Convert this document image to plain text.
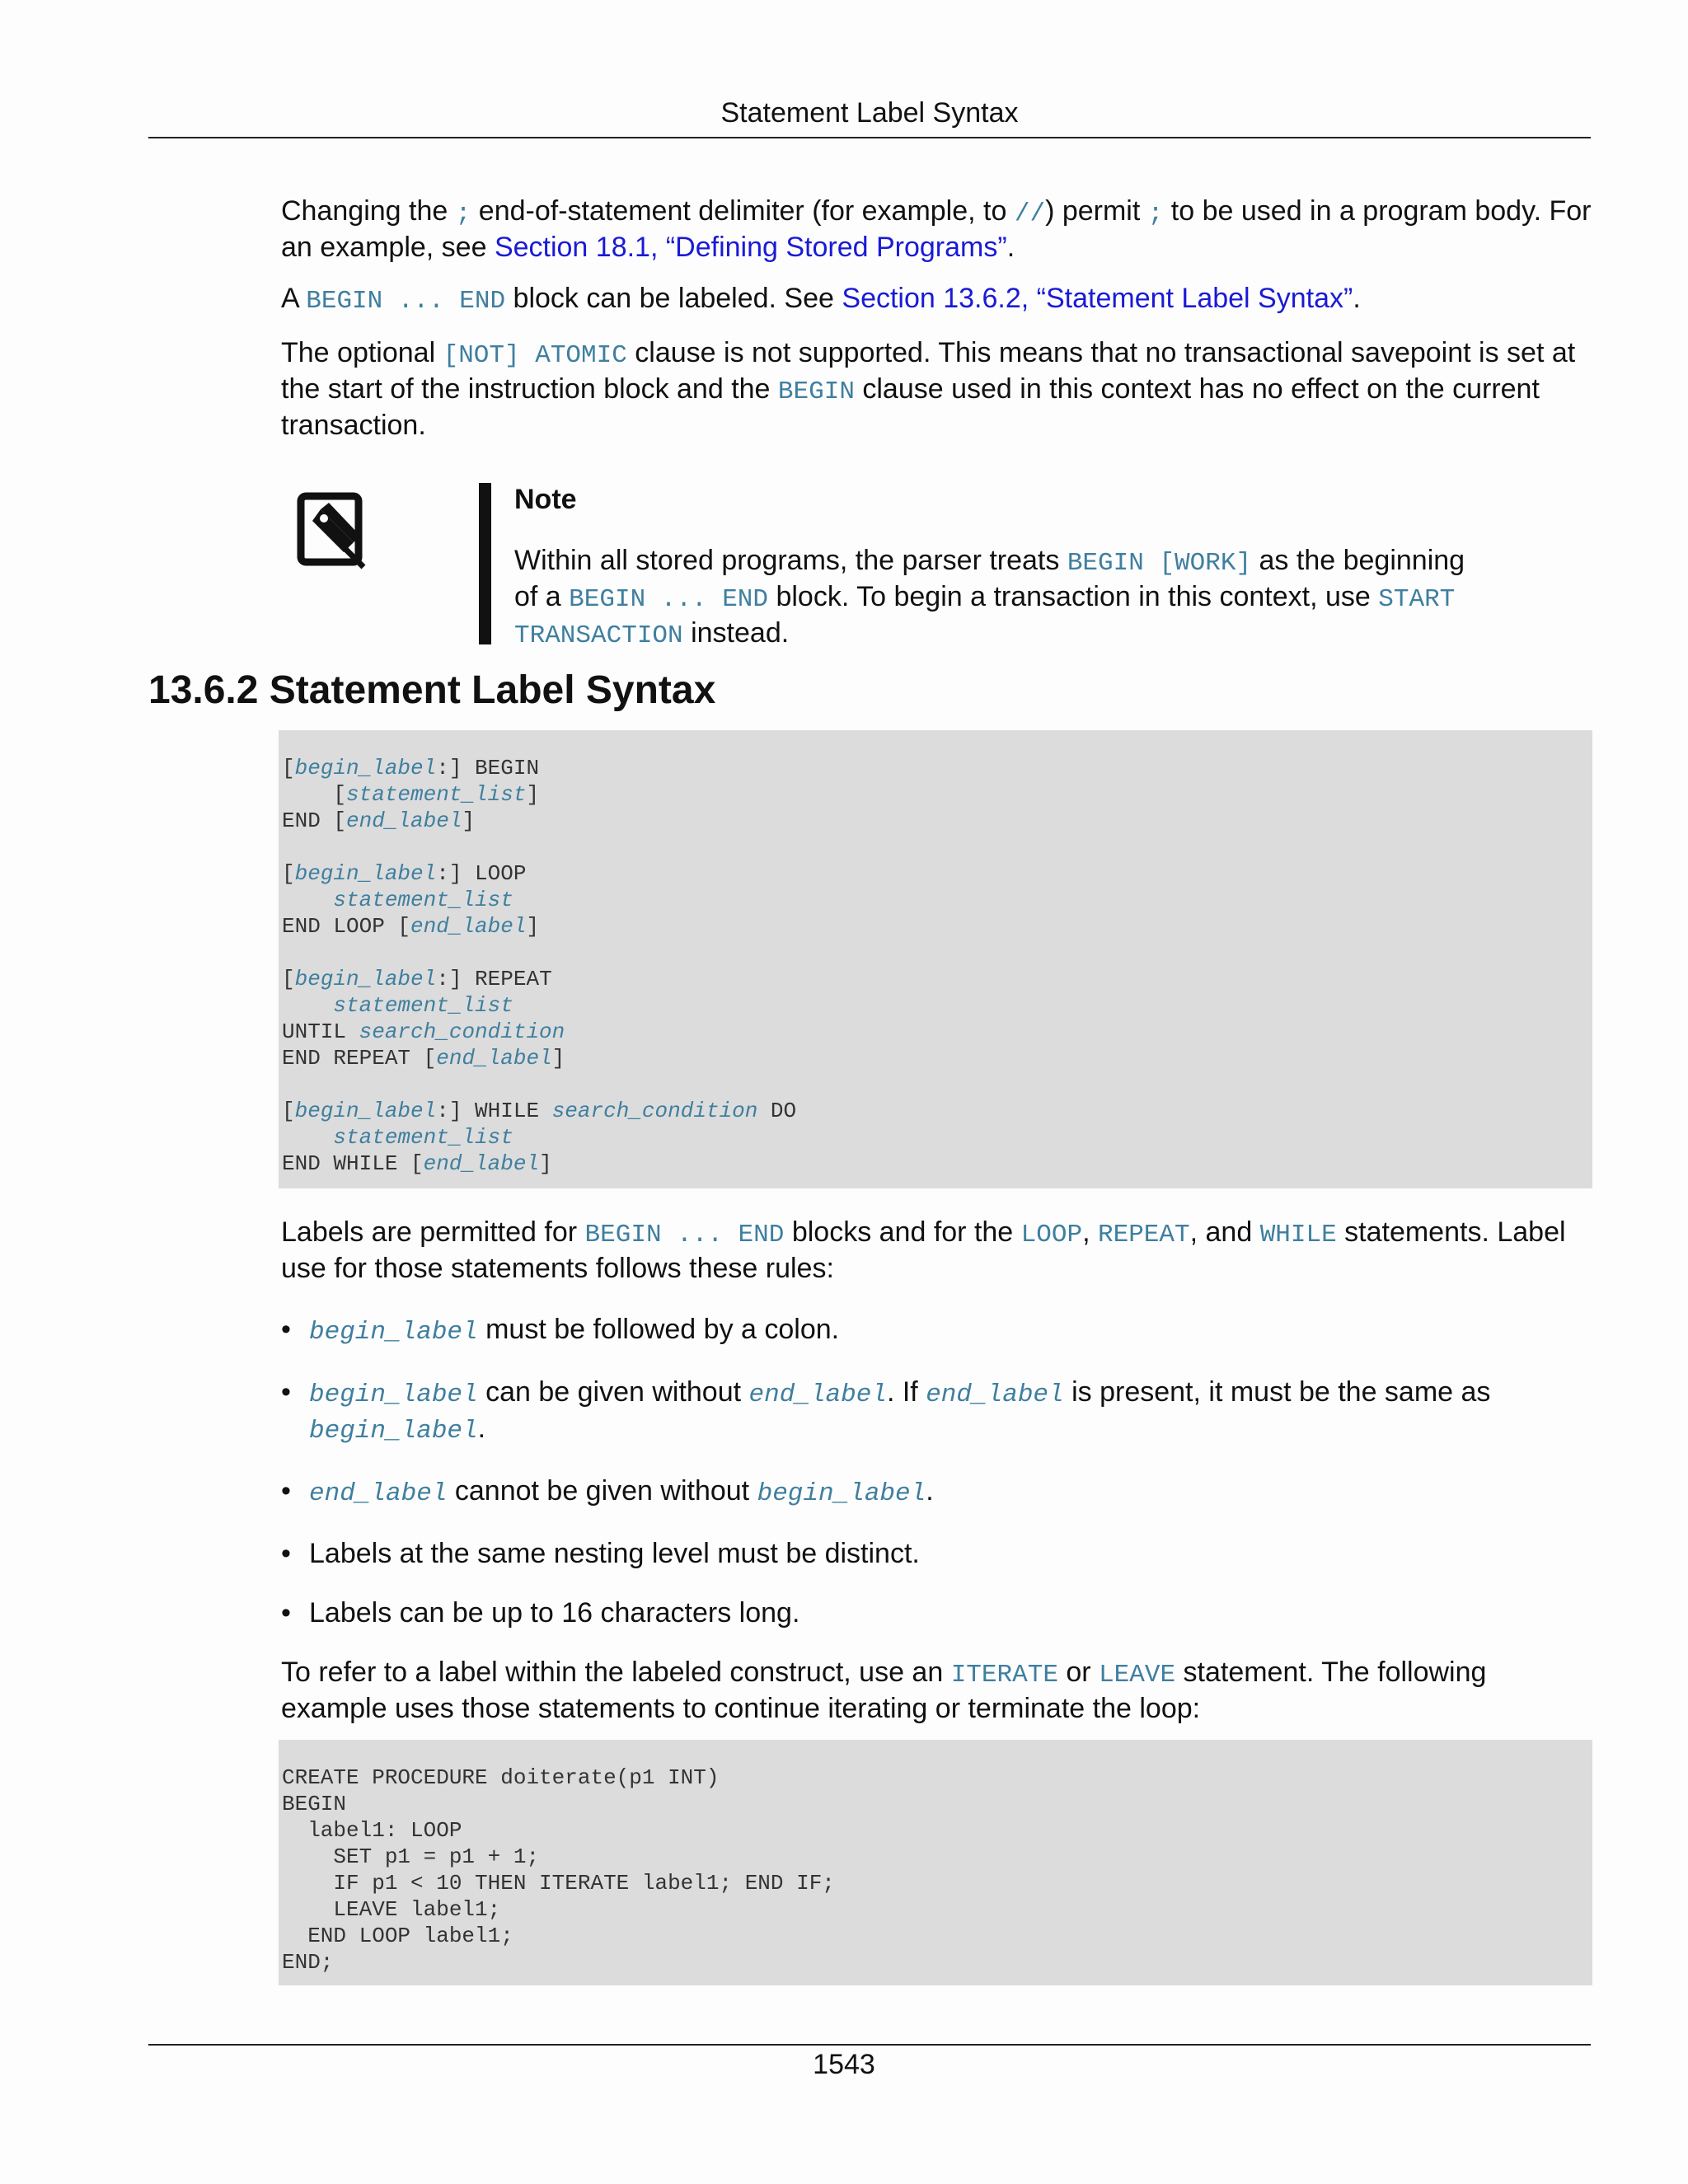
Statement Label Syntax

Changing the ; end-of-statement delimiter (for example, to //) permit ; to be used in a program body. For an example, see Section 18.1, “Defining Stored Programs”.

A BEGIN ... END block can be labeled. See Section 13.6.2, “Statement Label Syntax”.

The optional [NOT] ATOMIC clause is not supported. This means that no transactional savepoint is set at the start of the instruction block and the BEGIN clause used in this context has no effect on the current transaction.

Note

Within all stored programs, the parser treats BEGIN [WORK] as the beginning of a BEGIN ... END block. To begin a transaction in this context, use START TRANSACTION instead.

13.6.2 Statement Label Syntax
[begin_label:] BEGIN
[statement_list]
END [end_label]

[begin_label:] LOOP
statement_list
END LOOP [end_label]

[begin_label:] REPEAT
statement_list
UNTIL search_condition
END REPEAT [end_label]

[begin_label:] WHILE search_condition DO
statement_list
END WHILE [end_label]

Labels are permitted for BEGIN ... END blocks and for the LOOP, REPEAT, and WHILE statements. Label use for those statements follows these rules:

• begin_label must be followed by a colon.
• begin_label can be given without end_label. If end_label is present, it must be the same as begin_label.
• end_label cannot be given without begin_label.
• Labels at the same nesting level must be distinct.
• Labels can be up to 16 characters long.

To refer to a label within the labeled construct, use an ITERATE or LEAVE statement. The following example uses those statements to continue iterating or terminate the loop:

CREATE PROCEDURE doiterate(p1 INT)
BEGIN
label1: LOOP
SET p1 = p1 + 1;
IF p1 < 10 THEN ITERATE label1; END IF;
LEAVE label1;
END LOOP label1;
END;
1543
